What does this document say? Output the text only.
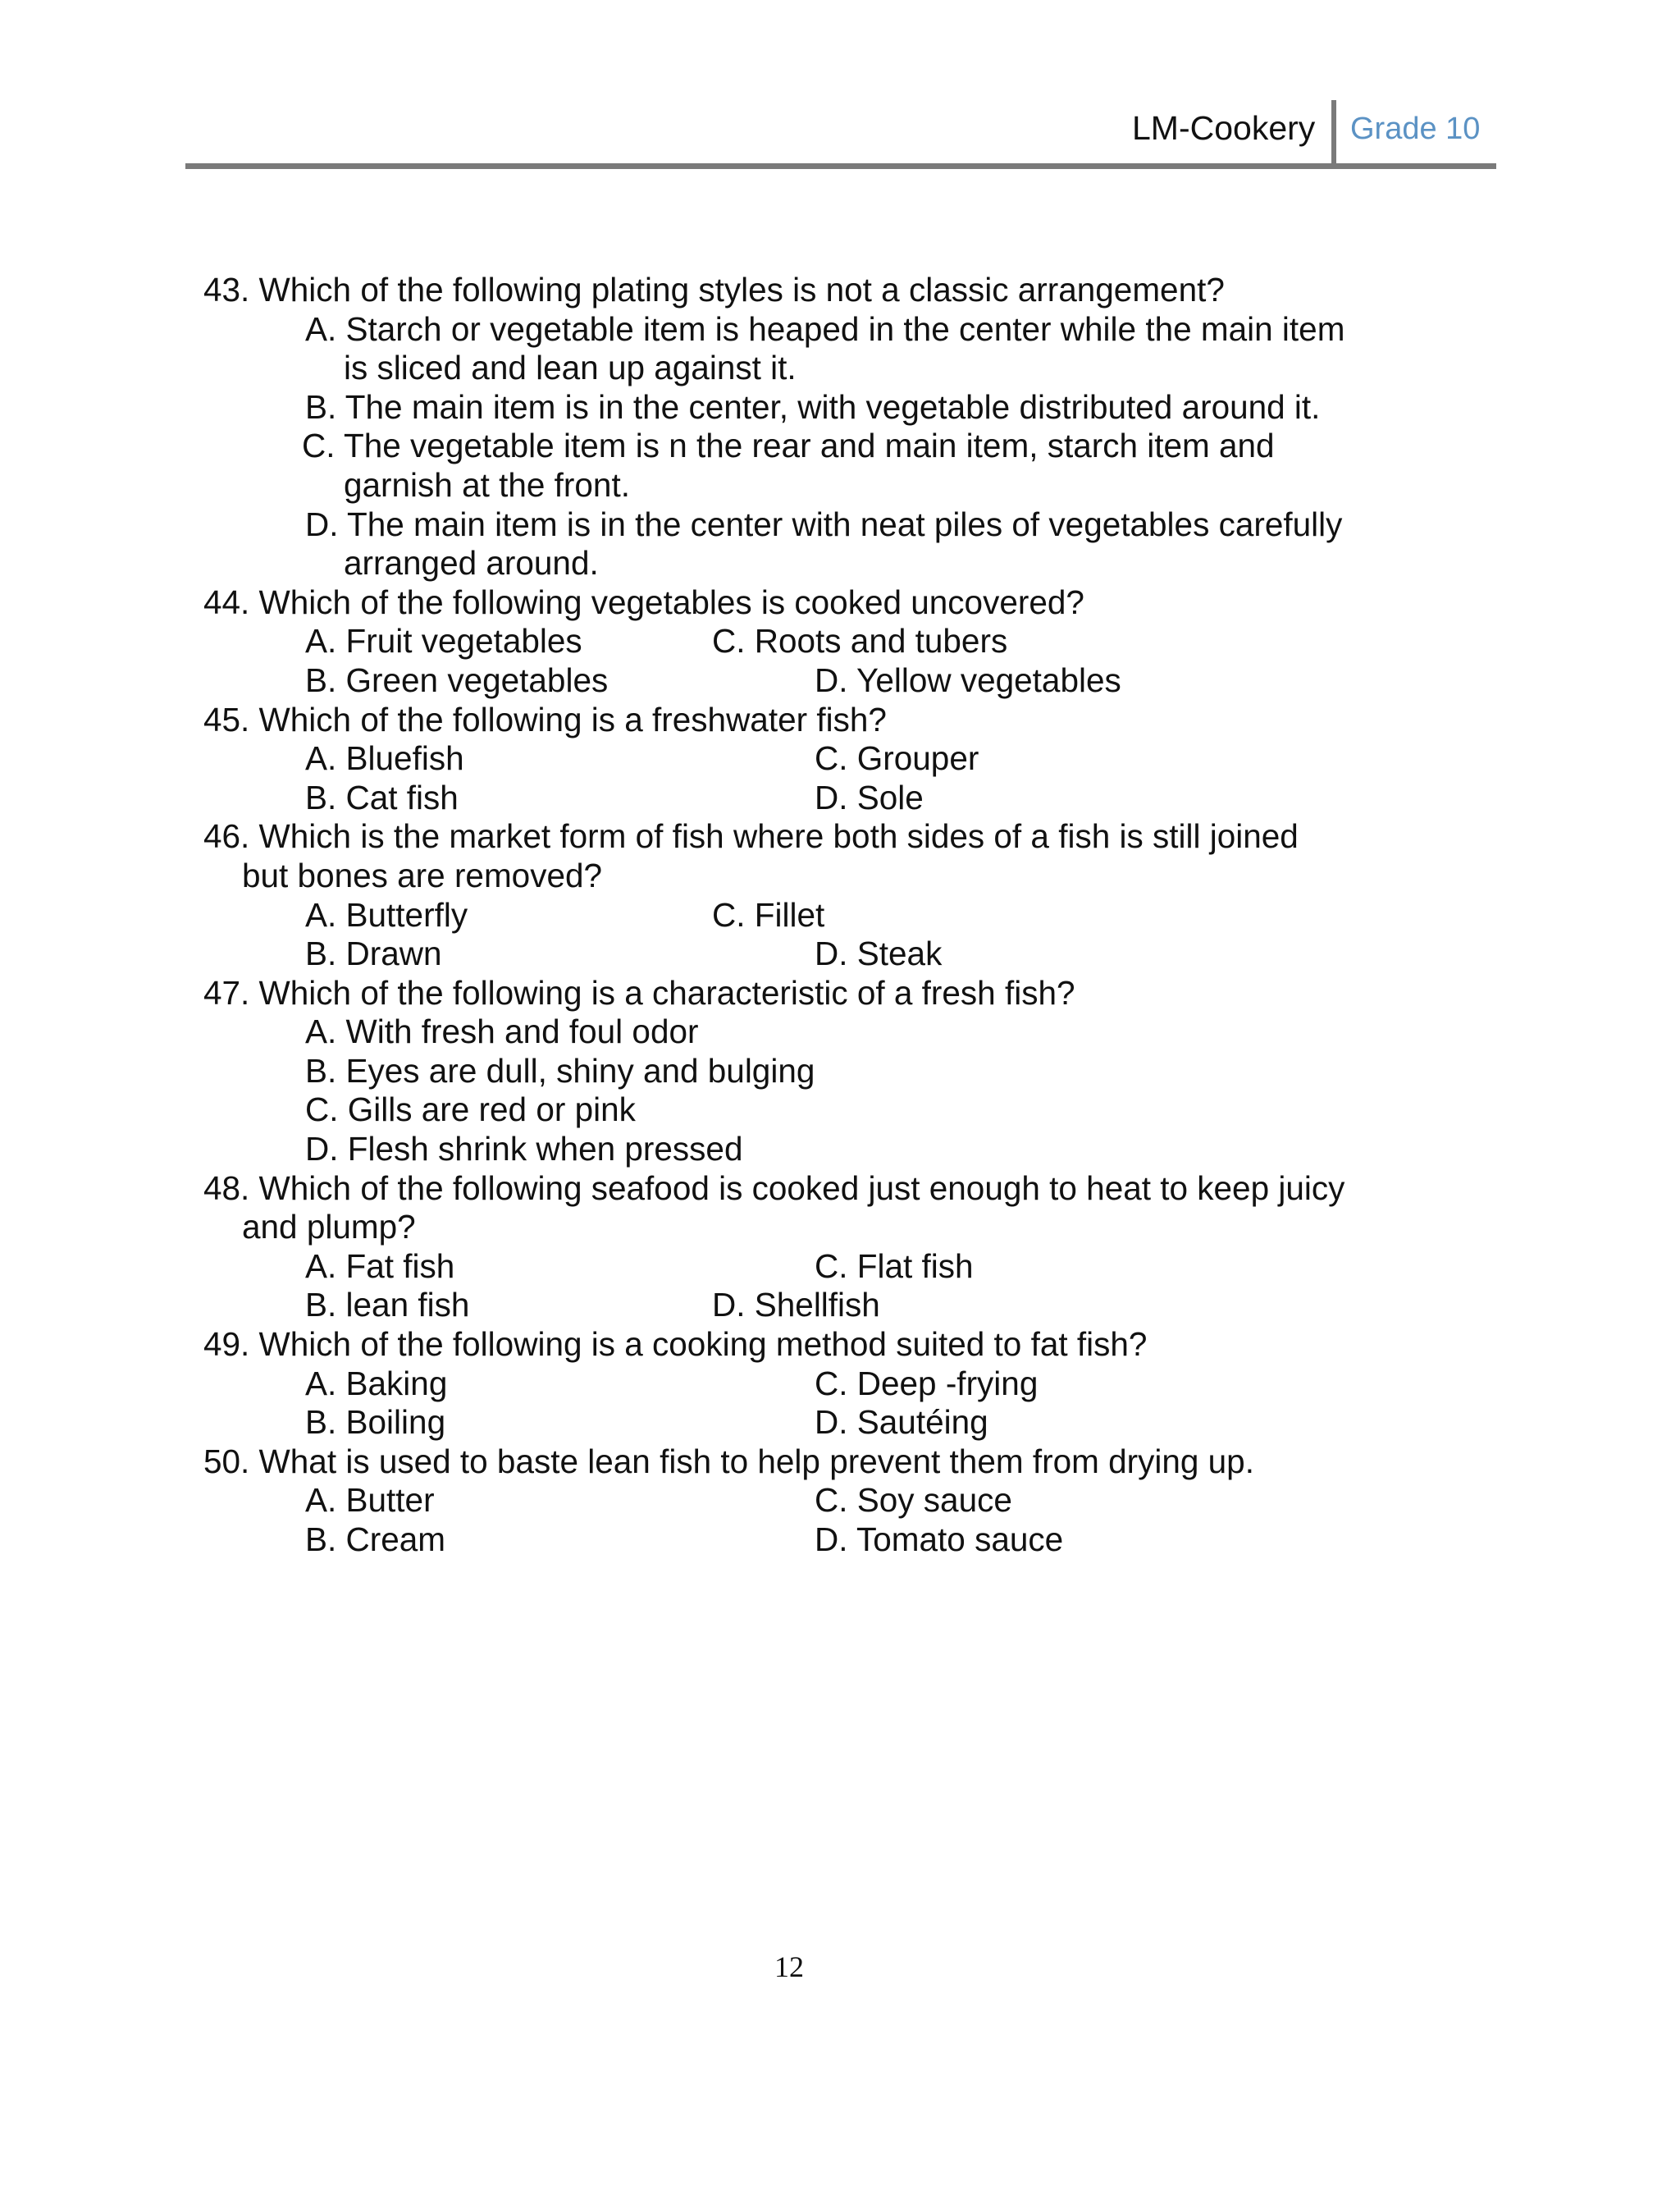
LM-Cookery Grade 10
43. Which of the following plating styles is not a classic arrangement?
A. Starch or vegetable item is heaped in the center while the main item
is sliced and lean up against it.
B. The main item is in the center, with vegetable distributed around it.
C. The vegetable item is n the rear and main item, starch item and
garnish at the front.
D. The main item is in the center with neat piles of vegetables carefully
arranged around.
44. Which of the following vegetables is cooked uncovered?
A. Fruit vegetables	C. Roots and tubers
B. Green vegetables	D. Yellow vegetables
45. Which of the following is a freshwater fish?
A. Bluefish	C. Grouper
B. Cat fish	D. Sole
46. Which is the market form of fish where both sides of a fish is still joined
but bones are removed?
A. Butterfly	C. Fillet
B. Drawn	D. Steak
47. Which of the following is a characteristic of a fresh fish?
A. With fresh and foul odor
B. Eyes are dull, shiny and bulging
C. Gills are red or pink
D. Flesh shrink when pressed
48. Which of the following seafood is cooked just enough to heat to keep juicy
and plump?
A. Fat fish	C. Flat fish
B. lean fish	D. Shellfish
49. Which of the following is a cooking method suited to fat fish?
A. Baking	C. Deep -frying
B. Boiling	D. Sautéing
50. What is used to baste lean fish to help prevent them from drying up.
A. Butter	C. Soy sauce
B. Cream	D. Tomato sauce
12
